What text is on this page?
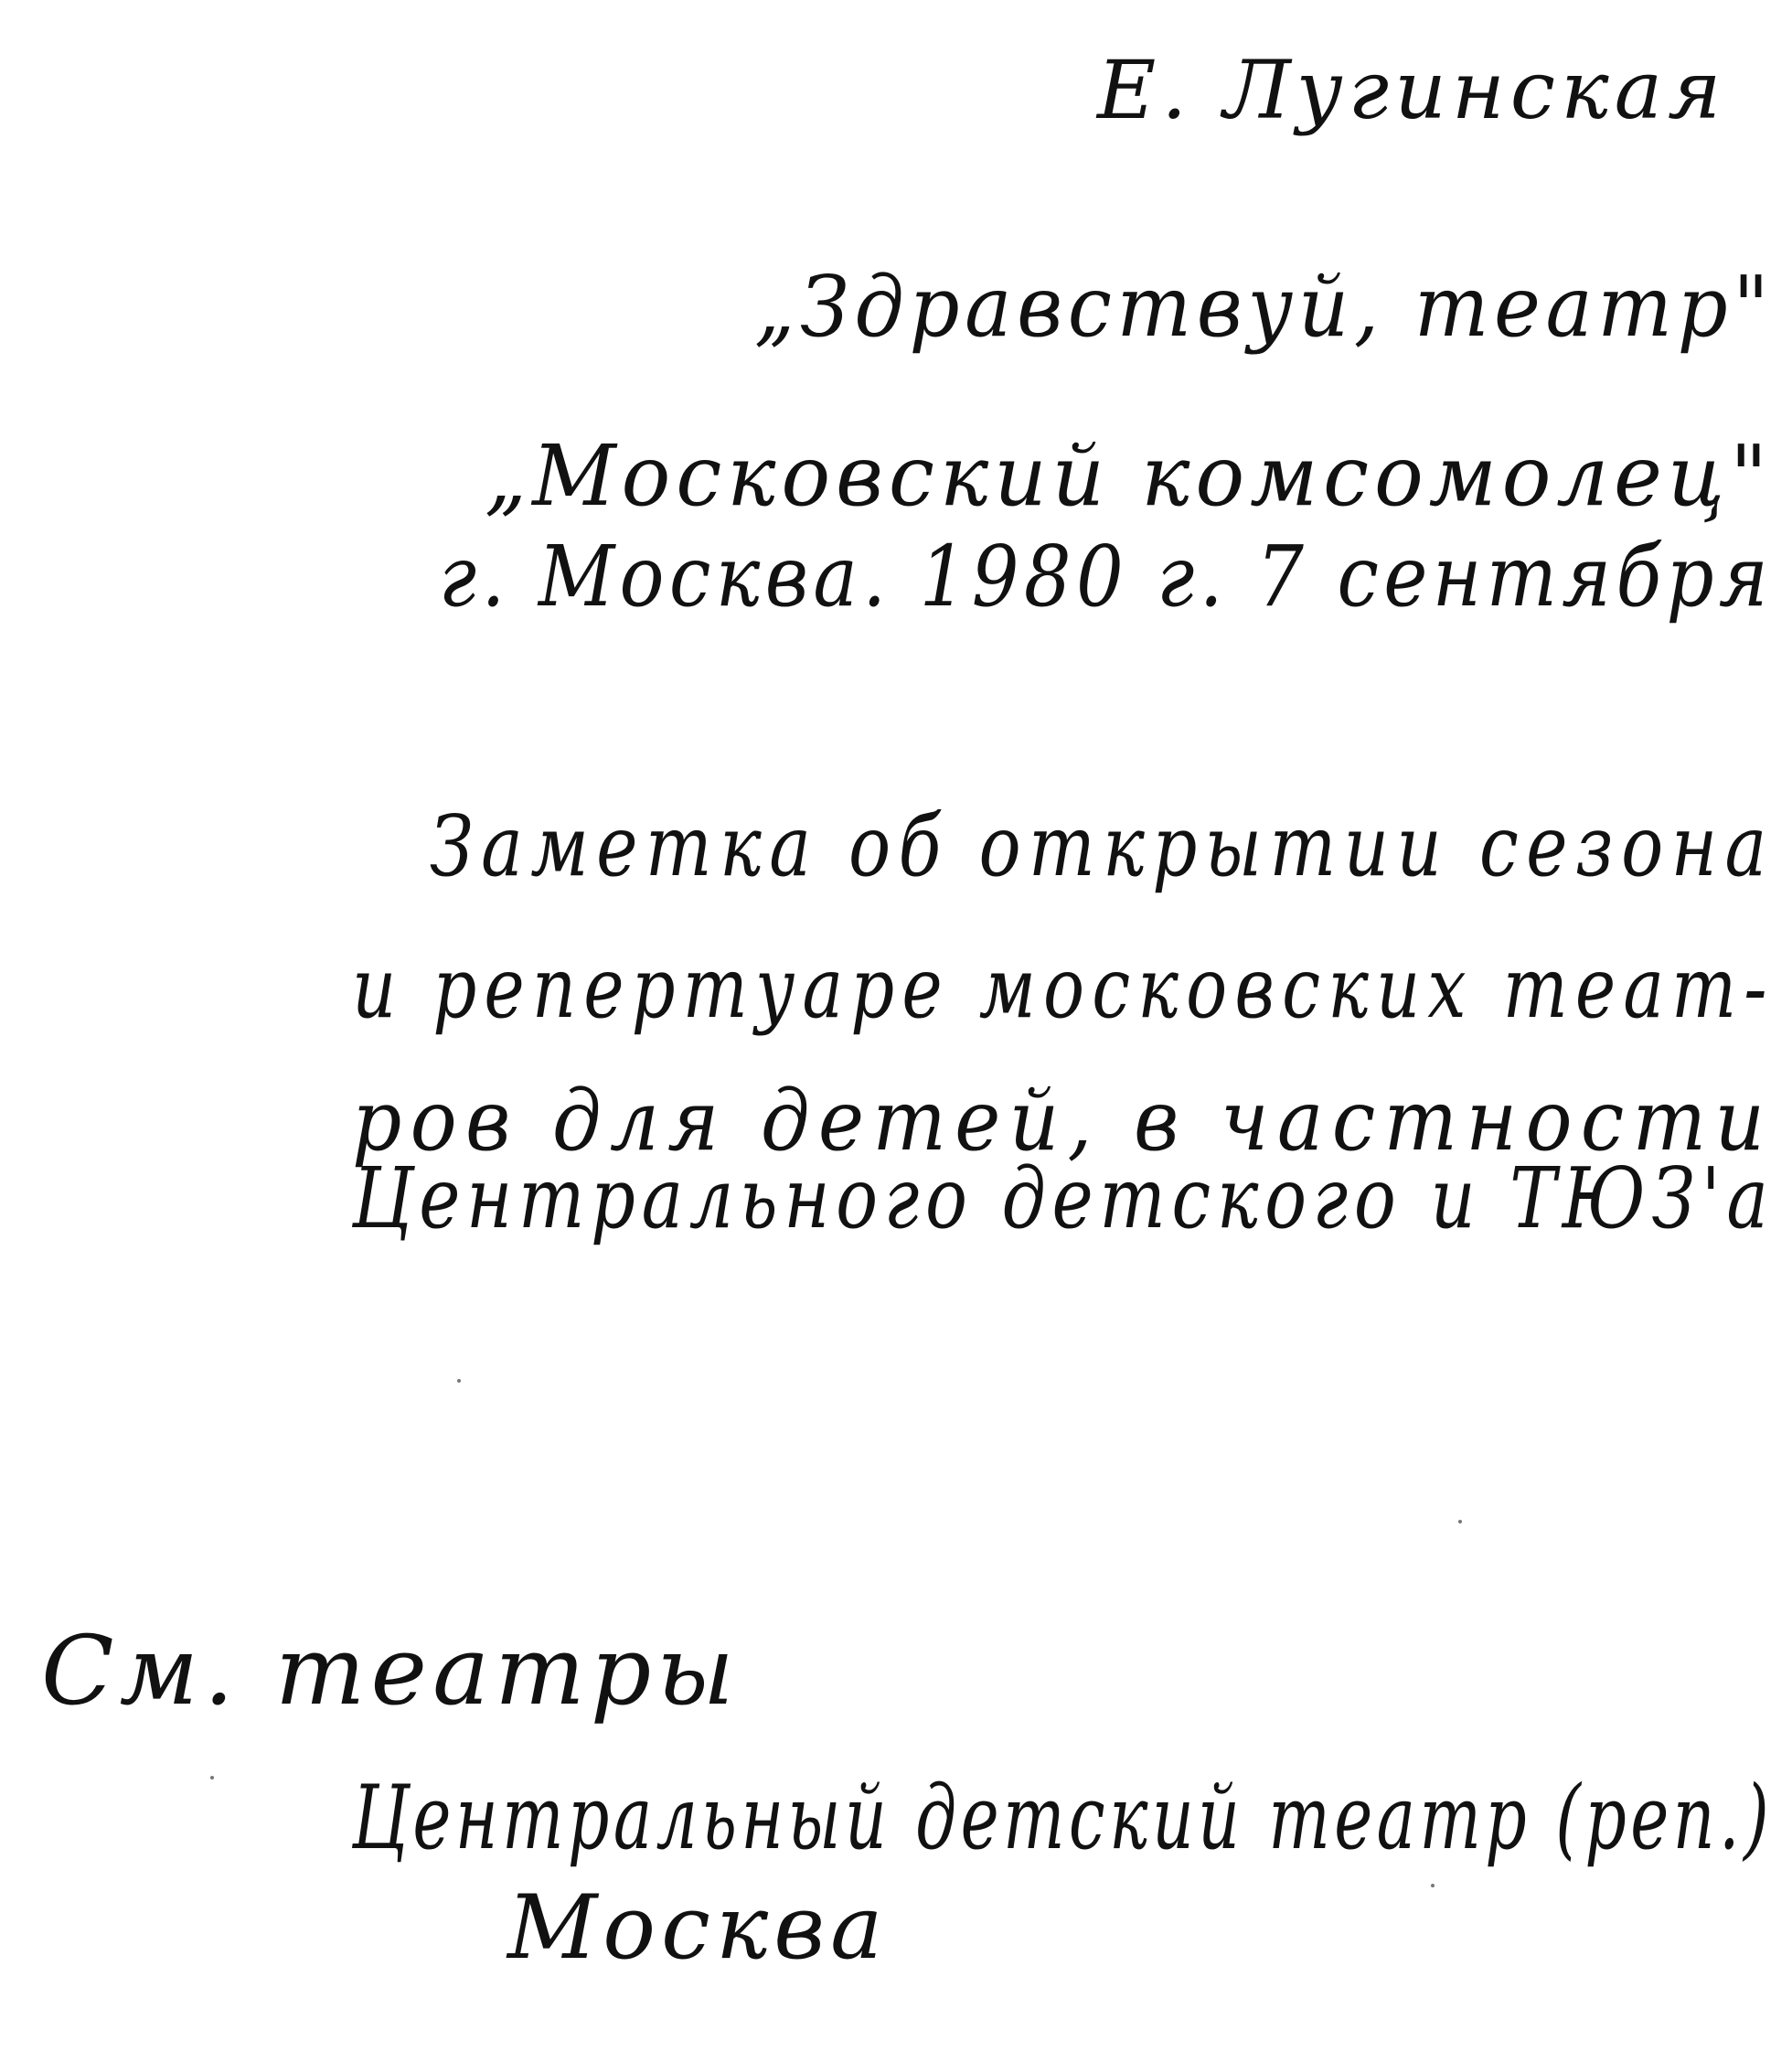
Е. Лугинская
„Здравствуй, театр"
„Московский комсомолец"
г. Москва. 1980 г. 7 сентября
Заметка об открытии сезона
и репертуаре московских теат-
ров для детей, в частности
Центрального детского и ТЮЗ'а
См. театры
Центральный детский театр (реп.)
Москва
